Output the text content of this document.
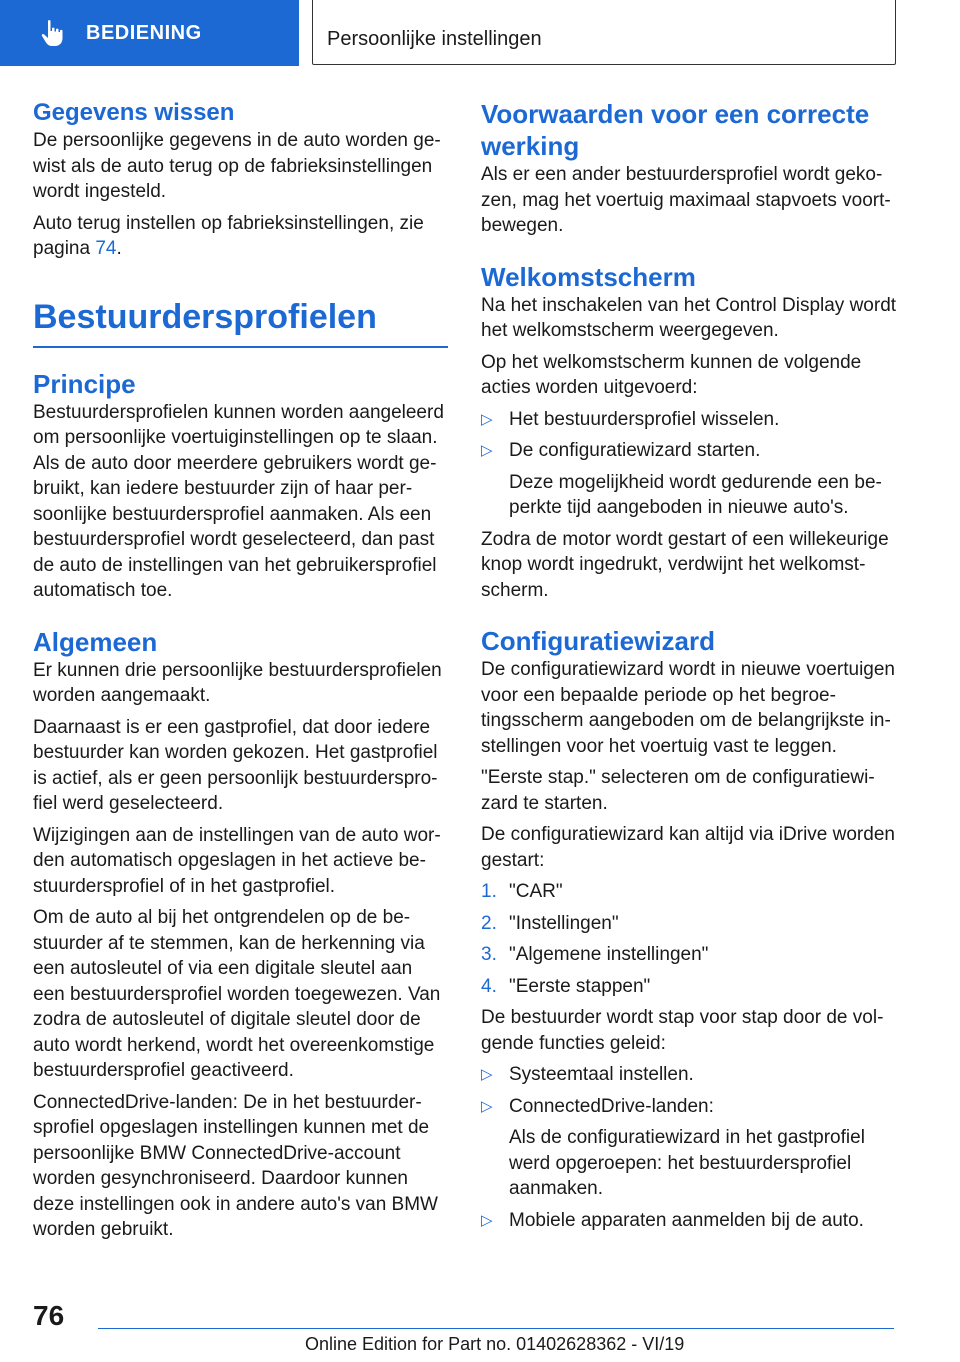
BEDIENING	Persoonlijke instellingen
Gegevens wissen

De persoonlijke gegevens in de auto worden gewist als de auto terug op de fabrieksinstellingen wordt ingesteld.

Auto terug instellen op fabrieksinstellingen, zie pagina 74.

Bestuurdersprofielen
Principe

Bestuurdersprofielen kunnen worden aangeleerd om persoonlijke voertuiginstellingen op te slaan. Als de auto door meerdere gebruikers wordt gebruikt, kan iedere bestuurder zijn of haar persoonlijke bestuurdersprofiel aanmaken. Als een bestuurdersprofiel wordt geselecteerd, dan past de auto de instellingen van het gebruikersprofiel automatisch toe.

Algemeen

Er kunnen drie persoonlijke bestuurdersprofielen worden aangemaakt.

Daarnaast is er een gastprofiel, dat door iedere bestuurder kan worden gekozen. Het gastprofiel is actief, als er geen persoonlijk bestuurdersprofiel werd geselecteerd.

Wijzigingen aan de instellingen van de auto worden automatisch opgeslagen in het actieve bestuurdersprofiel of in het gastprofiel.

Om de auto al bij het ontgrendelen op de bestuurder af te stemmen, kan de herkenning via een autosleutel of via een digitale sleutel aan een bestuurdersprofiel worden toegewezen. Van zodra de autosleutel of digitale sleutel door de auto wordt herkend, wordt het overeenkomstige bestuurdersprofiel geactiveerd.

ConnectedDrive-landen: De in het bestuurdersprofiel opgeslagen instellingen kunnen met de persoonlijke BMW ConnectedDrive-account worden gesynchroniseerd. Daardoor kunnen deze instellingen ook in andere auto's van BMW worden gebruikt.

Voorwaarden voor een correcte werking

Als er een ander bestuurdersprofiel wordt gekozen, mag het voertuig maximaal stapvoets voortbewegen.

Welkomstscherm

Na het inschakelen van het Control Display wordt het welkomstscherm weergegeven.

Op het welkomstscherm kunnen de volgende acties worden uitgevoerd:

▷ Het bestuurdersprofiel wisselen.
▷ De configuratiewizard starten.
Deze mogelijkheid wordt gedurende een beperkte tijd aangeboden in nieuwe auto's.

Zodra de motor wordt gestart of een willekeurige knop wordt ingedrukt, verdwijnt het welkomstscherm.

Configuratiewizard

De configuratiewizard wordt in nieuwe voertuigen voor een bepaalde periode op het begroetingsscherm aangeboden om de belangrijkste instellingen voor het voertuig vast te leggen.

"Eerste stap." selecteren om de configuratiewizard te starten.

De configuratiewizard kan altijd via iDrive worden gestart:

1. "CAR"
2. "Instellingen"
3. "Algemene instellingen"
4. "Eerste stappen"

De bestuurder wordt stap voor stap door de volgende functies geleid:

▷ Systeemtaal instellen.
▷ ConnectedDrive-landen:
Als de configuratiewizard in het gastprofiel werd opgeroepen: het bestuurdersprofiel aanmaken.
▷ Mobiele apparaten aanmelden bij de auto.
76
Online Edition for Part no. 01402628362 - VI/19
